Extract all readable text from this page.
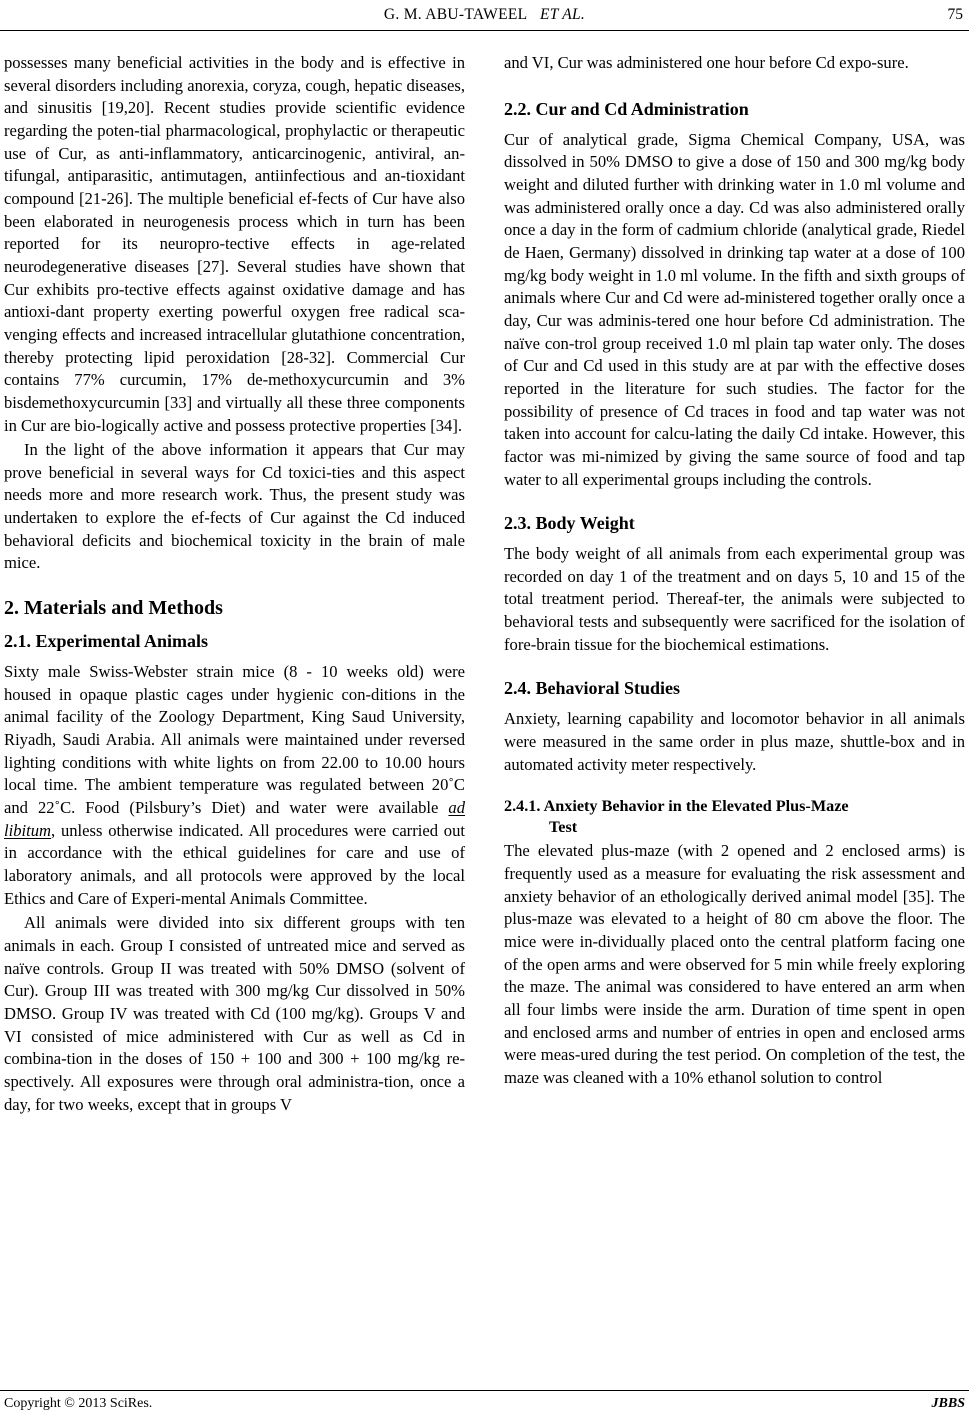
G. M. ABU-TAWEEL ET AL.	75

possesses many beneficial activities in the body and is effective in several disorders including anorexia, coryza, cough, hepatic diseases, and sinusitis [19,20]. Recent studies provide scientific evidence regarding the poten-tial pharmacological, prophylactic or therapeutic use of Cur, as anti-inflammatory, anticarcinogenic, antiviral, an-tifungal, antiparasitic, antimutagen, antiinfectious and an-tioxidant compound [21-26]. The multiple beneficial ef-fects of Cur have also been elaborated in neurogenesis process which in turn has been reported for its neuropro-tective effects in age-related neurodegenerative diseases [27]. Several studies have shown that Cur exhibits pro-tective effects against oxidative damage and has antioxi-dant property exerting powerful oxygen free radical sca-venging effects and increased intracellular glutathione concentration, thereby protecting lipid peroxidation [28-32]. Commercial Cur contains 77% curcumin, 17% de-methoxycurcumin and 3% bisdemethoxycurcumin [33] and virtually all these three components in Cur are bio-logically active and possess protective properties [34].

In the light of the above information it appears that Cur may prove beneficial in several ways for Cd toxici-ties and this aspect needs more and more research work. Thus, the present study was undertaken to explore the ef-fects of Cur against the Cd induced behavioral deficits and biochemical toxicity in the brain of male mice.

2. Materials and Methods
2.1. Experimental Animals

Sixty male Swiss-Webster strain mice (8 - 10 weeks old) were housed in opaque plastic cages under hygienic con-ditions in the animal facility of the Zoology Department, King Saud University, Riyadh, Saudi Arabia. All animals were maintained under reversed lighting conditions with white lights on from 22.00 to 10.00 hours local time. The ambient temperature was regulated between 20˚C and 22˚C. Food (Pilsbury’s Diet) and water were available ad libitum, unless otherwise indicated. All procedures were carried out in accordance with the ethical guidelines for care and use of laboratory animals, and all protocols were approved by the local Ethics and Care of Experi-mental Animals Committee.

All animals were divided into six different groups with ten animals in each. Group I consisted of untreated mice and served as naïve controls. Group II was treated with 50% DMSO (solvent of Cur). Group III was treated with 300 mg/kg Cur dissolved in 50% DMSO. Group IV was treated with Cd (100 mg/kg). Groups V and VI consisted of mice administered with Cur as well as Cd in combina-tion in the doses of 150 + 100 and 300 + 100 mg/kg re-spectively. All exposures were through oral administra-tion, once a day, for two weeks, except that in groups V

and VI, Cur was administered one hour before Cd expo-sure.

2.2. Cur and Cd Administration

Cur of analytical grade, Sigma Chemical Company, USA, was dissolved in 50% DMSO to give a dose of 150 and 300 mg/kg body weight and diluted further with drinking water in 1.0 ml volume and was administered orally once a day. Cd was also administered orally once a day in the form of cadmium chloride (analytical grade, Riedel de Haen, Germany) dissolved in drinking tap water at a dose of 100 mg/kg body weight in 1.0 ml volume. In the fifth and sixth groups of animals where Cur and Cd were ad-ministered together orally once a day, Cur was adminis-tered one hour before Cd administration. The naïve con-trol group received 1.0 ml plain tap water only. The doses of Cur and Cd used in this study are at par with the effective doses reported in the literature for such studies. The factor for the possibility of presence of Cd traces in food and tap water was not taken into account for calcu-lating the daily Cd intake. However, this factor was mi-nimized by giving the same source of food and tap water to all experimental groups including the controls.

2.3. Body Weight

The body weight of all animals from each experimental group was recorded on day 1 of the treatment and on days 5, 10 and 15 of the total treatment period. Thereaf-ter, the animals were subjected to behavioral tests and subsequently were sacrificed for the isolation of fore-brain tissue for the biochemical estimations.

2.4. Behavioral Studies

Anxiety, learning capability and locomotor behavior in all animals were measured in the same order in plus maze, shuttle-box and in automated activity meter respectively.

2.4.1. Anxiety Behavior in the Elevated Plus-Maze
Test

The elevated plus-maze (with 2 opened and 2 enclosed arms) is frequently used as a measure for evaluating the risk assessment and anxiety behavior of an ethologically derived animal model [35]. The plus-maze was elevated to a height of 80 cm above the floor. The mice were in-dividually placed onto the central platform facing one of the open arms and were observed for 5 min while freely exploring the maze. The animal was considered to have entered an arm when all four limbs were inside the arm. Duration of time spent in open and enclosed arms and number of entries in open and enclosed arms were meas-ured during the test period. On completion of the test, the maze was cleaned with a 10% ethanol solution to control

Copyright © 2013 SciRes.	JBBS
